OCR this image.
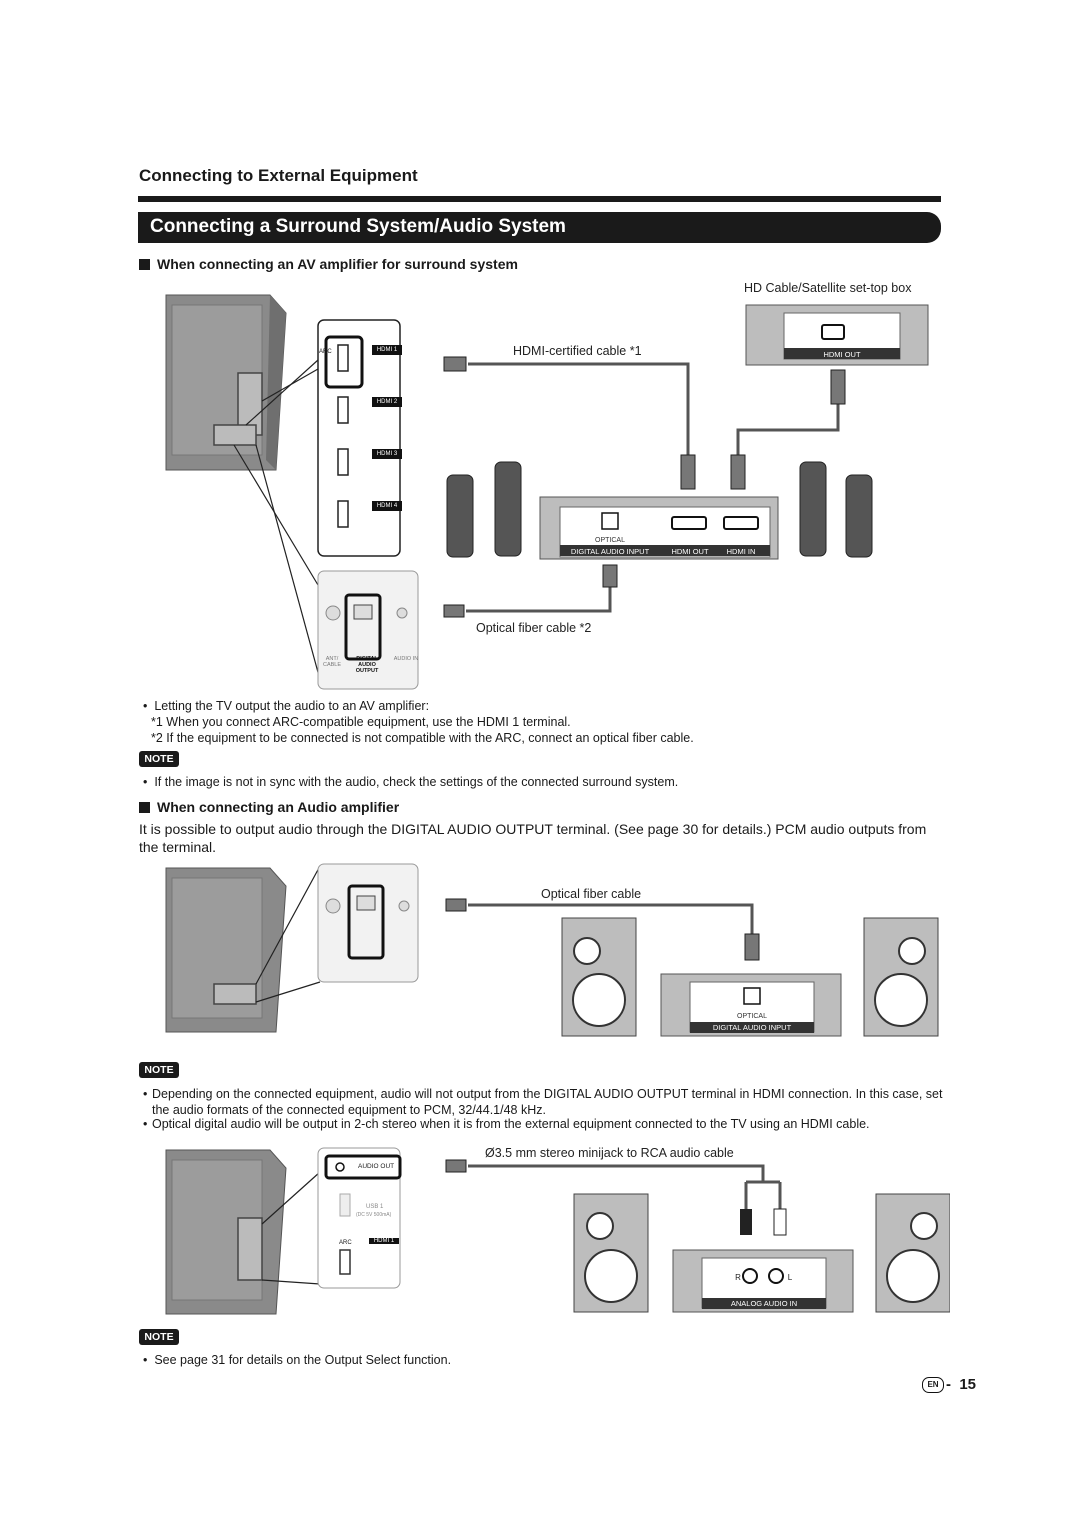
Connecting to External Equipment
Connecting a Surround System/Audio System
When connecting an AV amplifier for surround system
HDMI OUT
OPTICAL
DIGITAL AUDIO INPUT	HDMI OUT HDMI IN
HD Cable/Satellite set-top box
HDMI-certified cable *1
Optical fiber cable *2
ARC	HDMI 1
HDMI 2
HDMI 3
HDMI 4
ANT/ CABLE
DIGITAL AUDIO OUTPUT
AUDIO IN
•  Letting the TV output the audio to an AV amplifier:
*1 When you connect ARC-compatible equipment, use the HDMI 1 terminal.
*2 If the equipment to be connected is not compatible with the ARC, connect an optical fiber cable.
NOTE
•  If the image is not in sync with the audio, check the settings of the connected surround system.
When connecting an Audio amplifier
It is possible to output audio through the DIGITAL AUDIO OUTPUT terminal. (See page 30 for details.) PCM audio outputs from the terminal.
OPTICAL
DIGITAL AUDIO INPUT
Optical fiber cable
NOTE
• Depending on the connected equipment, audio will not output from the DIGITAL AUDIO OUTPUT terminal in HDMI connection. In this case, set the audio formats of the connected equipment to PCM, 32/44.1/48 kHz.
• Optical digital audio will be output in 2-ch stereo when it is from the external equipment connected to the TV using an HDMI cable.
R	L
ANALOG AUDIO IN
Ø3.5 mm stereo minijack to RCA audio cable
AUDIO OUT
USB 1
(DC 5V 500mA)
ARC	HDMI 1
NOTE
•  See page 31 for details on the Output Select function.
EN -  15
